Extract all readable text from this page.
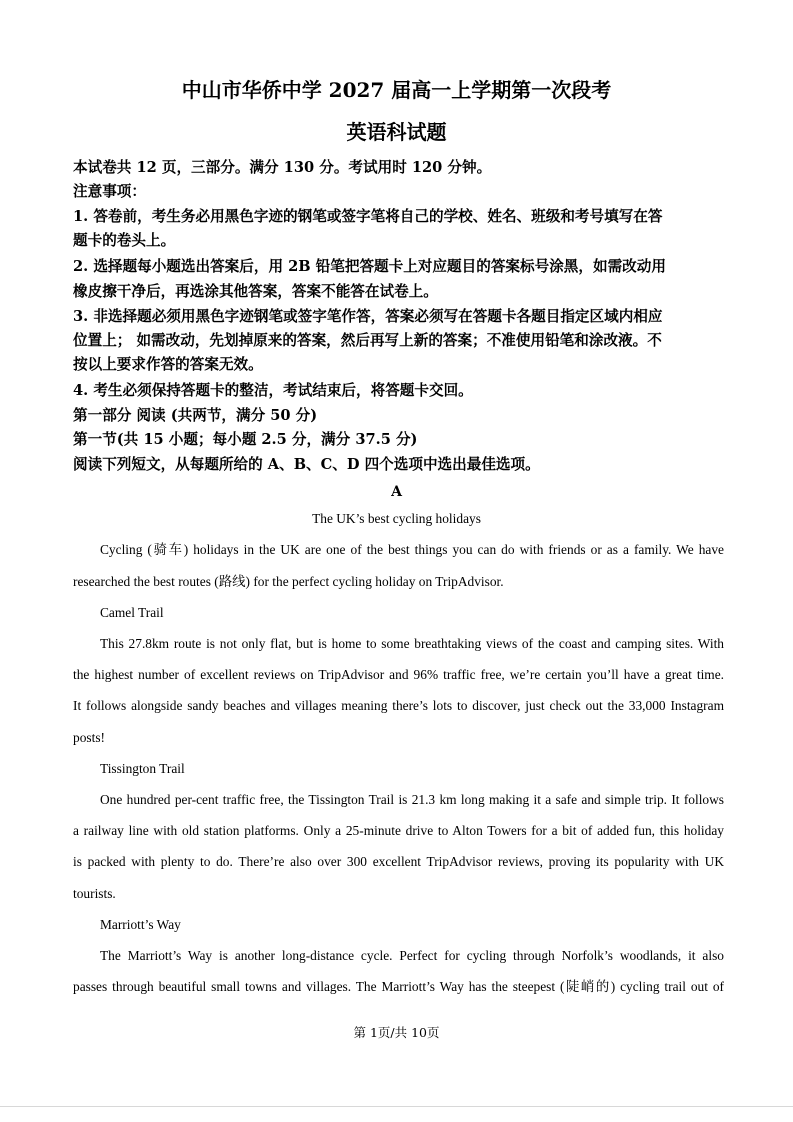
中山市华侨中学 2027 届高一上学期第一次段考
英语科试题
本试卷共 12 页，三部分。满分 130 分。考试用时 120 分钟。
注意事项：
1. 答卷前，考生务必用黑色字迹的钢笔或签字笔将自己的学校、姓名、班级和考号填写在答
题卡的卷头上。
2. 选择题每小题选出答案后，用 2B 铅笔把答题卡上对应题目的答案标号涂黑，如需改动用
橡皮擦干净后，再选涂其他答案，答案不能答在试卷上。
3. 非选择题必须用黑色字迹钢笔或签字笔作答，答案必须写在答题卡各题目指定区域内相应
位置上； 如需改动，先划掉原来的答案，然后再写上新的答案；不准使用铅笔和涂改液。不
按以上要求作答的答案无效。
4. 考生必须保持答题卡的整洁，考试结束后，将答题卡交回。
第一部分 阅读 (共两节，满分 50 分)
第一节(共 15 小题；每小题 2.5 分，满分 37.5 分)
阅读下列短文，从每题所给的 A、B、C、D 四个选项中选出最佳选项。
A
The UK’s best cycling holidays
Cycling (骑车) holidays in the UK are one of the best things you can do with friends or as a family. We have
researched the best routes (路线) for the perfect cycling holiday on TripAdvisor.
Camel Trail
This 27.8km route is not only flat, but is home to some breathtaking views of the coast and camping sites. With
the highest number of excellent reviews on TripAdvisor and 96% traffic free, we’re certain you’ll have a great time.
It follows alongside sandy beaches and villages meaning there’s lots to discover, just check out the 33,000 Instagram
posts!
Tissington Trail
One hundred per-cent traffic free, the Tissington Trail is 21.3 km long making it a safe and simple trip. It follows
a railway line with old station platforms. Only a 25-minute drive to Alton Towers for a bit of added fun, this holiday
is packed with plenty to do. There’re also over 300 excellent TripAdvisor reviews, proving its popularity with UK
tourists.
Marriott’s Way
The Marriott’s Way is another long-distance cycle. Perfect for cycling through Norfolk’s woodlands, it also
passes through beautiful small towns and villages. The Marriott’s Way has the steepest (陡峭的) cycling trail out of
第 1页/共 10页
